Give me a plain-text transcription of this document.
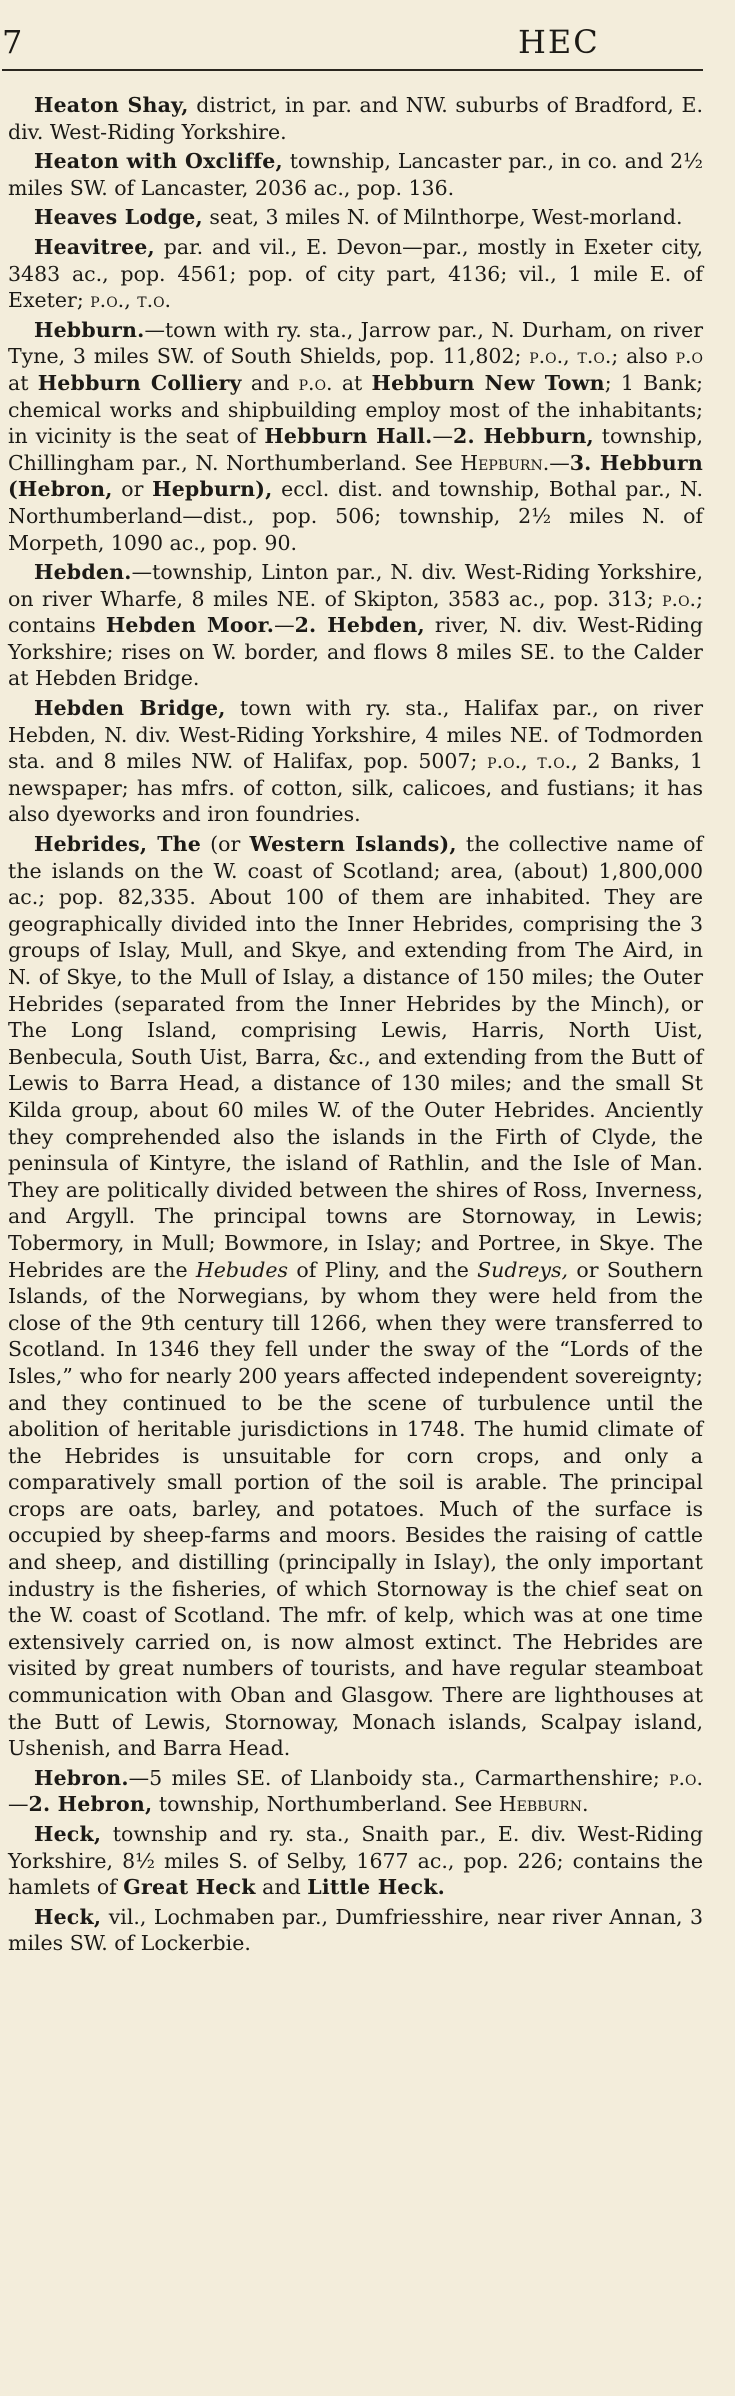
7	HEC

Heaton Shay, district, in par. and NW. suburbs of Bradford, E. div. West-Riding Yorkshire.

Heaton with Oxcliffe, township, Lancaster par., in co. and 2½ miles SW. of Lancaster, 2036 ac., pop. 136.

Heaves Lodge, seat, 3 miles N. of Milnthorpe, West-morland.

Heavitree, par. and vil., E. Devon—par., mostly in Exeter city, 3483 ac., pop. 4561; pop. of city part, 4136; vil., 1 mile E. of Exeter; p.o., t.o.

Hebburn.—town with ry. sta., Jarrow par., N. Durham, on river Tyne, 3 miles SW. of South Shields, pop. 11,802; p.o., t.o.; also p.o at Hebburn Colliery and p.o. at Hebburn New Town; 1 Bank; chemical works and shipbuilding employ most of the inhabitants; in vicinity is the seat of Hebburn Hall.—2. Hebburn, township, Chillingham par., N. Northumberland. See Hepburn.—3. Hebburn (Hebron, or Hepburn), eccl. dist. and township, Bothal par., N. Northumberland—dist., pop. 506; township, 2½ miles N. of Morpeth, 1090 ac., pop. 90.

Hebden.—township, Linton par., N. div. West-Riding Yorkshire, on river Wharfe, 8 miles NE. of Skipton, 3583 ac., pop. 313; p.o.; contains Hebden Moor.—2. Hebden, river, N. div. West-Riding Yorkshire; rises on W. border, and flows 8 miles SE. to the Calder at Hebden Bridge.

Hebden Bridge, town with ry. sta., Halifax par., on river Hebden, N. div. West-Riding Yorkshire, 4 miles NE. of Todmorden sta. and 8 miles NW. of Halifax, pop. 5007; p.o., t.o., 2 Banks, 1 newspaper; has mfrs. of cotton, silk, calicoes, and fustians; it has also dyeworks and iron foundries.

Hebrides, The (or Western Islands), the collective name of the islands on the W. coast of Scotland; area, (about) 1,800,000 ac.; pop. 82,335. About 100 of them are inhabited. They are geographically divided into the Inner Hebrides, comprising the 3 groups of Islay, Mull, and Skye, and extending from The Aird, in N. of Skye, to the Mull of Islay, a distance of 150 miles; the Outer Hebrides (separated from the Inner Hebrides by the Minch), or The Long Island, comprising Lewis, Harris, North Uist, Benbecula, South Uist, Barra, &c., and extending from the Butt of Lewis to Barra Head, a distance of 130 miles; and the small St Kilda group, about 60 miles W. of the Outer Hebrides. Anciently they comprehended also the islands in the Firth of Clyde, the peninsula of Kintyre, the island of Rathlin, and the Isle of Man. They are politically divided between the shires of Ross, Inverness, and Argyll. The principal towns are Stornoway, in Lewis; Tobermory, in Mull; Bowmore, in Islay; and Portree, in Skye. The Hebrides are the Hebudes of Pliny, and the Sudreys, or Southern Islands, of the Norwegians, by whom they were held from the close of the 9th century till 1266, when they were transferred to Scotland. In 1346 they fell under the sway of the “Lords of the Isles,” who for nearly 200 years affected independent sovereignty; and they continued to be the scene of turbulence until the abolition of heritable jurisdictions in 1748. The humid climate of the Hebrides is unsuitable for corn crops, and only a comparatively small portion of the soil is arable. The principal crops are oats, barley, and potatoes. Much of the surface is occupied by sheep-farms and moors. Besides the raising of cattle and sheep, and distilling (principally in Islay), the only important industry is the fisheries, of which Stornoway is the chief seat on the W. coast of Scotland. The mfr. of kelp, which was at one time extensively carried on, is now almost extinct. The Hebrides are visited by great numbers of tourists, and have regular steamboat communication with Oban and Glasgow. There are lighthouses at the Butt of Lewis, Stornoway, Monach islands, Scalpay island, Ushenish, and Barra Head.

Hebron.—5 miles SE. of Llanboidy sta., Carmarthenshire; p.o.—2. Hebron, township, Northumberland. See Hebburn.

Heck, township and ry. sta., Snaith par., E. div. West-Riding Yorkshire, 8½ miles S. of Selby, 1677 ac., pop. 226; contains the hamlets of Great Heck and Little Heck.

Heck, vil., Lochmaben par., Dumfriesshire, near river Annan, 3 miles SW. of Lockerbie.
